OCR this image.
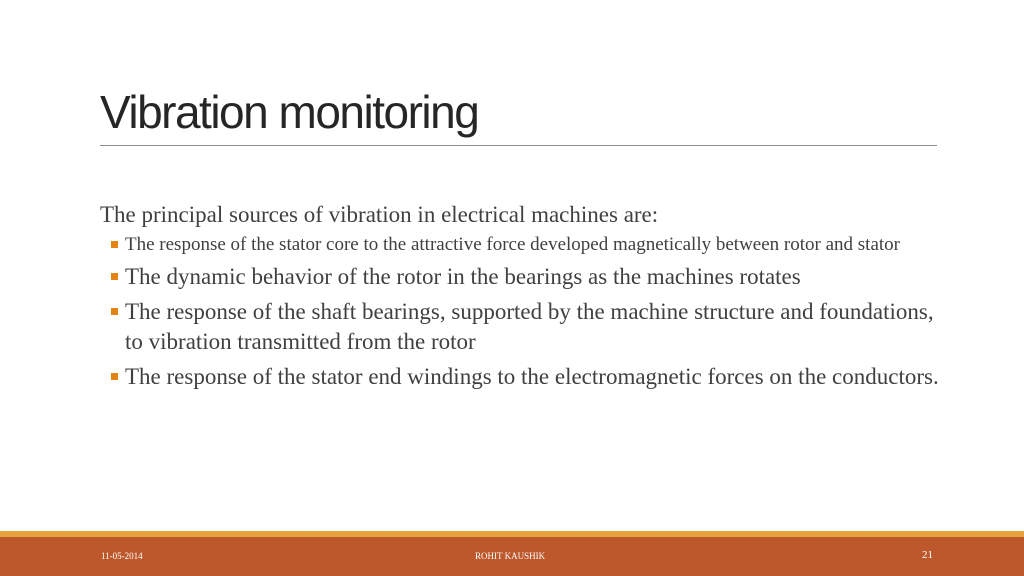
Vibration monitoring

The principal sources of vibration in electrical machines are:

The response of the stator core to the attractive force developed magnetically between rotor and stator
The dynamic behavior of the rotor in the bearings as the machines rotates
The response of the shaft bearings, supported by the machine structure and foundations, to vibration transmitted from the rotor
The response of the stator end windings to the electromagnetic forces on the conductors.
11-05-2014	ROHIT KAUSHIK	21
